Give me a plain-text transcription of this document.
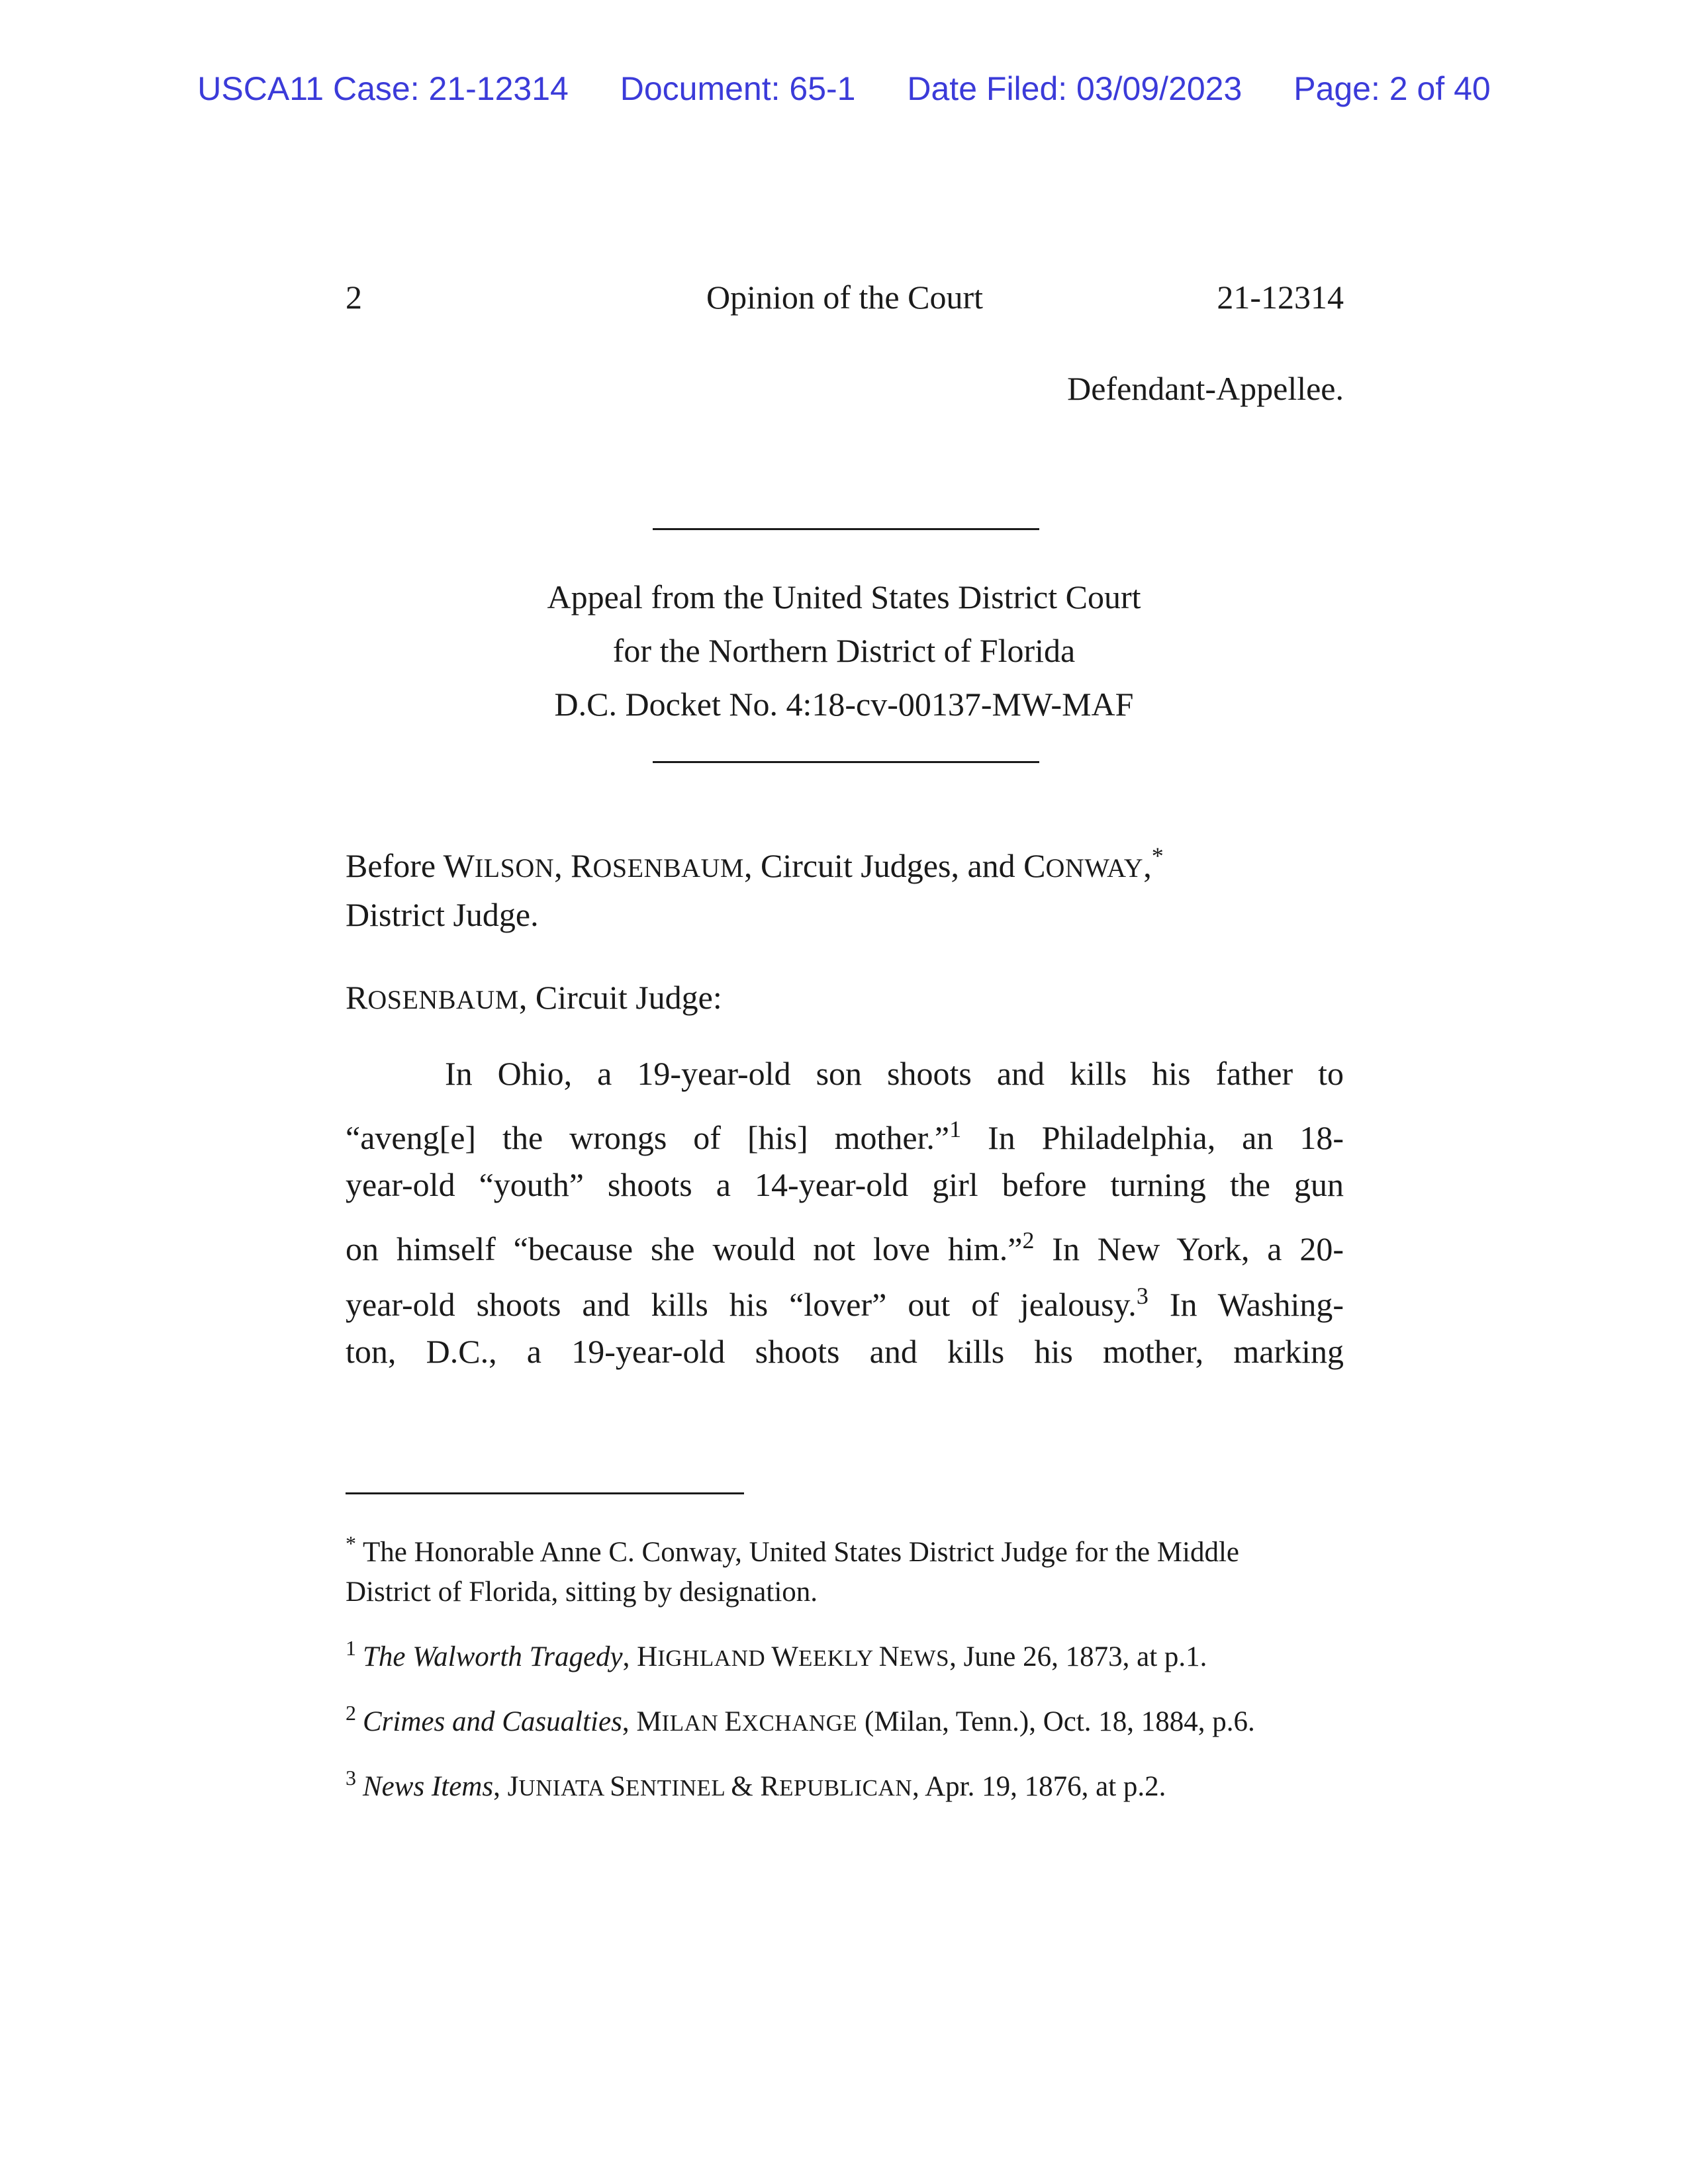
USCA11 Case: 21-12314 Document: 65-1 Date Filed: 03/09/2023 Page: 2 of 40
2	Opinion of the Court	21-12314
Defendant-Appellee.
Appeal from the United States District Court
for the Northern District of Florida
D.C. Docket No. 4:18-cv-00137-MW-MAF
Before WILSON, ROSENBAUM, Circuit Judges, and CONWAY,*
District Judge.
ROSENBAUM, Circuit Judge:
In Ohio, a 19-year-old son shoots and kills his father to
“aveng[e] the wrongs of [his] mother.”$^1$ In Philadelphia, an 18-
year-old “youth” shoots a 14-year-old girl before turning the gun
on himself “because she would not love him.”$^2$ In New York, a 20-
year-old shoots and kills his “lover” out of jealousy.$^3$ In Washing-
ton, D.C., a 19-year-old shoots and kills his mother, marking
* The Honorable Anne C. Conway, United States District Judge for the Middle
District of Florida, sitting by designation.
$^1$ The Walworth Tragedy, HIGHLAND WEEKLY NEWS, June 26, 1873, at p.1.
$^2$ Crimes and Casualties, MILAN EXCHANGE (Milan, Tenn.), Oct. 18, 1884, p.6.
$^3$ News Items, JUNIATA SENTINEL & REPUBLICAN, Apr. 19, 1876, at p.2.
